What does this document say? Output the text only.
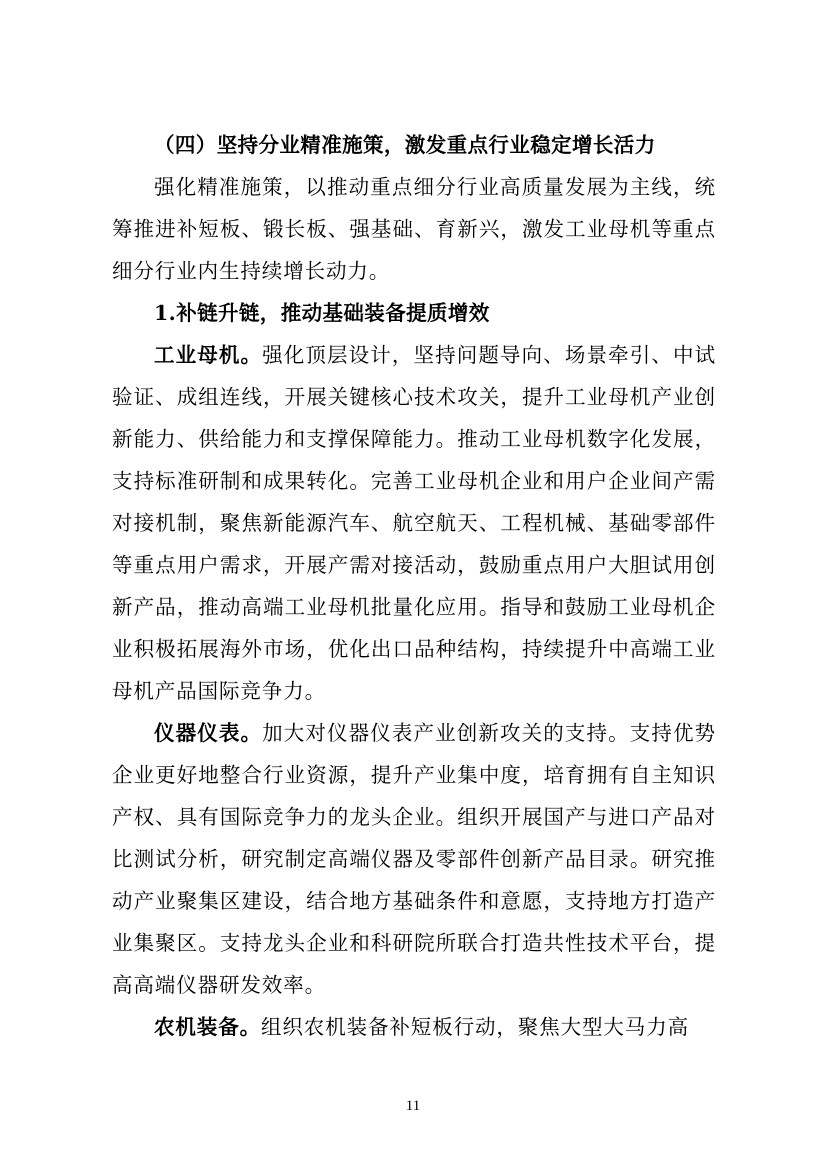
（四）坚持分业精准施策，激发重点行业稳定增长活力

强化精准施策，以推动重点细分行业高质量发展为主线，统筹推进补短板、锻长板、强基础、育新兴，激发工业母机等重点细分行业内生持续增长动力。

1.补链升链，推动基础装备提质增效

工业母机。强化顶层设计，坚持问题导向、场景牵引、中试验证、成组连线，开展关键核心技术攻关，提升工业母机产业创新能力、供给能力和支撑保障能力。推动工业母机数字化发展，支持标准研制和成果转化。完善工业母机企业和用户企业间产需对接机制，聚焦新能源汽车、航空航天、工程机械、基础零部件等重点用户需求，开展产需对接活动，鼓励重点用户大胆试用创新产品，推动高端工业母机批量化应用。指导和鼓励工业母机企业积极拓展海外市场，优化出口品种结构，持续提升中高端工业母机产品国际竞争力。

仪器仪表。加大对仪器仪表产业创新攻关的支持。支持优势企业更好地整合行业资源，提升产业集中度，培育拥有自主知识产权、具有国际竞争力的龙头企业。组织开展国产与进口产品对比测试分析，研究制定高端仪器及零部件创新产品目录。研究推动产业聚集区建设，结合地方基础条件和意愿，支持地方打造产业集聚区。支持龙头企业和科研院所联合打造共性技术平台，提高高端仪器研发效率。

农机装备。组织农机装备补短板行动，聚焦大型大马力高

11
